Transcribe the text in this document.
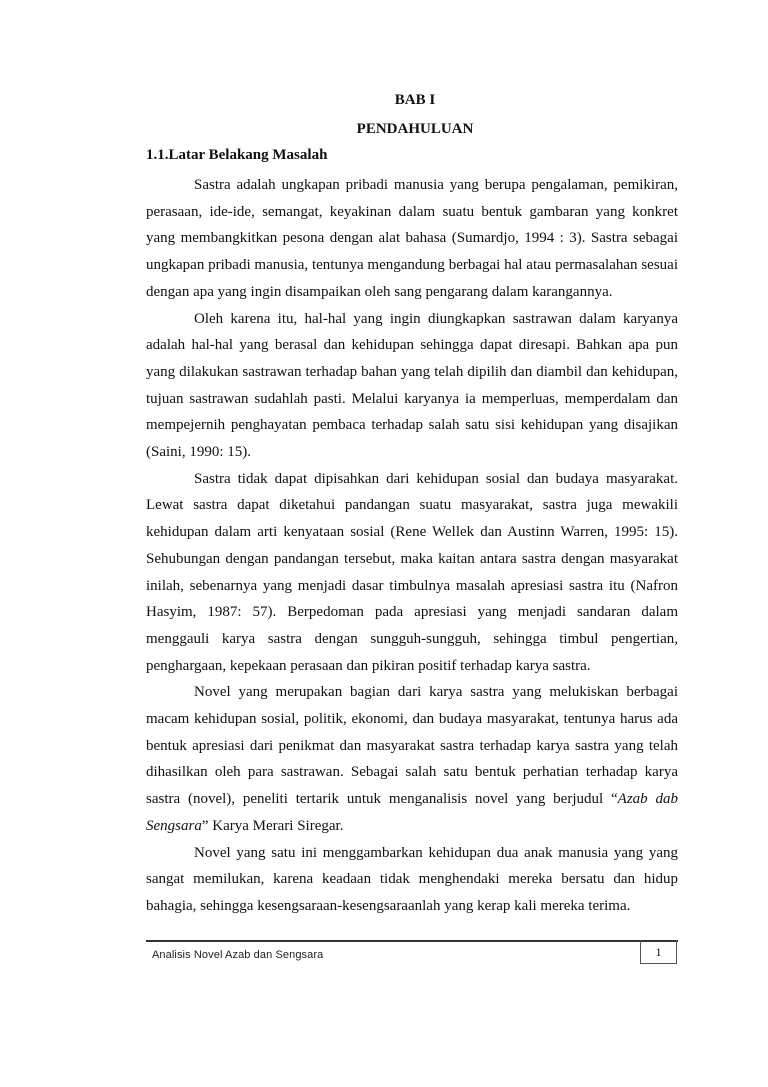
BAB I
PENDAHULUAN
1.1.Latar Belakang Masalah

Sastra adalah ungkapan pribadi manusia yang berupa pengalaman, pemikiran, perasaan, ide-ide, semangat, keyakinan dalam suatu bentuk gambaran yang konkret yang membangkitkan pesona dengan alat bahasa (Sumardjo, 1994 : 3). Sastra sebagai ungkapan pribadi manusia, tentunya mengandung berbagai hal atau permasalahan sesuai dengan apa yang ingin disampaikan oleh sang pengarang dalam karangannya.

Oleh karena itu, hal-hal yang ingin diungkapkan sastrawan dalam karyanya adalah hal-hal yang berasal dan kehidupan sehingga dapat diresapi. Bahkan apa pun yang dilakukan sastrawan terhadap bahan yang telah dipilih dan diambil dan kehidupan, tujuan sastrawan sudahlah pasti. Melalui karyanya ia memperluas, memperdalam dan mempejernih penghayatan pembaca terhadap salah satu sisi kehidupan yang disajikan (Saini, 1990: 15).

Sastra tidak dapat dipisahkan dari kehidupan sosial dan budaya masyarakat. Lewat sastra dapat diketahui pandangan suatu masyarakat, sastra juga mewakili kehidupan dalam arti kenyataan sosial (Rene Wellek dan Austinn Warren, 1995: 15). Sehubungan dengan pandangan tersebut, maka kaitan antara sastra dengan masyarakat inilah, sebenarnya yang menjadi dasar timbulnya masalah apresiasi sastra itu (Nafron Hasyim, 1987: 57). Berpedoman pada apresiasi yang menjadi sandaran dalam menggauli karya sastra dengan sungguh-sungguh, sehingga timbul pengertian, penghargaan, kepekaan perasaan dan pikiran positif terhadap karya sastra.

Novel yang merupakan bagian dari karya sastra yang melukiskan berbagai macam kehidupan sosial, politik, ekonomi, dan budaya masyarakat, tentunya harus ada bentuk apresiasi dari penikmat dan masyarakat sastra terhadap karya sastra yang telah dihasilkan oleh para sastrawan. Sebagai salah satu bentuk perhatian terhadap karya sastra (novel), peneliti tertarik untuk menganalisis novel yang berjudul “Azab dab Sengsara” Karya Merari Siregar.

Novel yang satu ini menggambarkan kehidupan dua anak manusia yang yang sangat memilukan, karena keadaan tidak menghendaki mereka bersatu dan hidup bahagia, sehingga kesengsaraan-kesengsaraanlah yang kerap kali mereka terima.

Analisis Novel Azab dan Sengsara	1
